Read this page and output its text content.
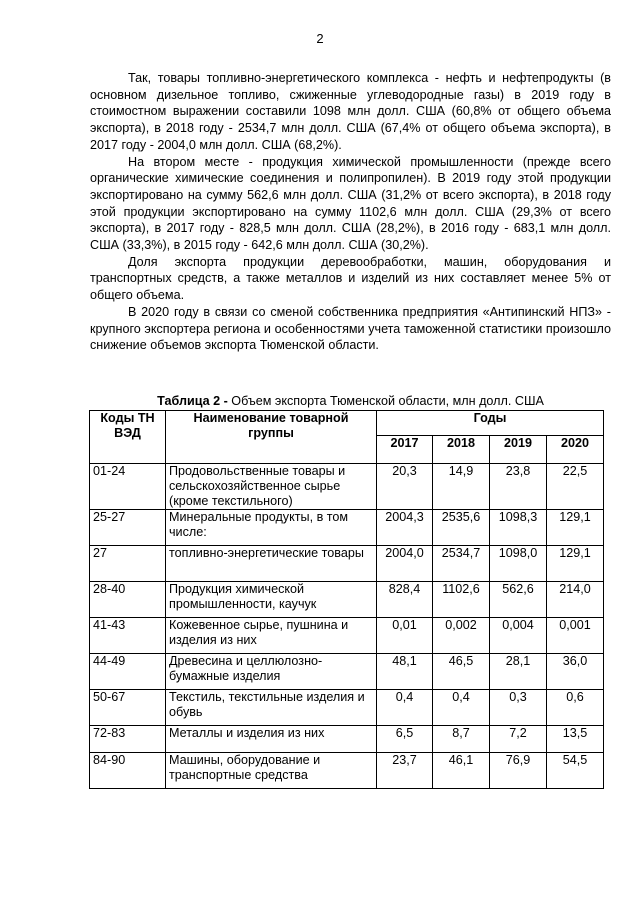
2

Так, товары топливно-энергетического комплекса - нефть и нефтепродукты (в основном дизельное топливо, сжиженные углеводородные газы) в 2019 году в стоимостном выражении составили 1098 млн долл. США (60,8% от общего объема экспорта), в 2018 году - 2534,7 млн долл. США (67,4% от общего объема экспорта), в 2017 году - 2004,0 млн долл. США (68,2%).

На втором месте - продукция химической промышленности (прежде всего органические химические соединения и полипропилен). В 2019 году этой продукции экспортировано на сумму 562,6 млн долл. США (31,2% от всего экспорта), в 2018 году этой продукции экспортировано на сумму 1102,6 млн долл. США (29,3% от всего экспорта), в 2017 году - 828,5 млн долл. США (28,2%), в 2016 году - 683,1 млн долл. США (33,3%), в 2015 году - 642,6 млн долл. США (30,2%).

Доля экспорта продукции деревообработки, машин, оборудования и транспортных средств, а также металлов и изделий из них составляет менее 5% от общего объема.

В 2020 году в связи со сменой собственника предприятия «Антипинский НПЗ» - крупного экспортера региона и особенностями учета таможенной статистики произошло снижение объемов экспорта Тюменской области.

Таблица 2 - Объем экспорта Тюменской области, млн долл. США
Коды ТН ВЭД	Наименование товарной группы	Годы			
		2017	2018	2019	2020
01-24	Продовольственные товары и сельскохозяйственное сырье (кроме текстильного)	20,3	14,9	23,8	22,5
25-27	Минеральные продукты, в том числе:	2004,3	2535,6	1098,3	129,1
27	топливно-энергетические товары	2004,0	2534,7	1098,0	129,1
28-40	Продукция химической промышленности, каучук	828,4	1102,6	562,6	214,0
41-43	Кожевенное сырье, пушнина и изделия из них	0,01	0,002	0,004	0,001
44-49	Древесина и целлюлозно-бумажные изделия	48,1	46,5	28,1	36,0
50-67	Текстиль, текстильные изделия и обувь	0,4	0,4	0,3	0,6
72-83	Металлы и изделия из них	6,5	8,7	7,2	13,5
84-90	Машины, оборудование и транспортные средства	23,7	46,1	76,9	54,5
